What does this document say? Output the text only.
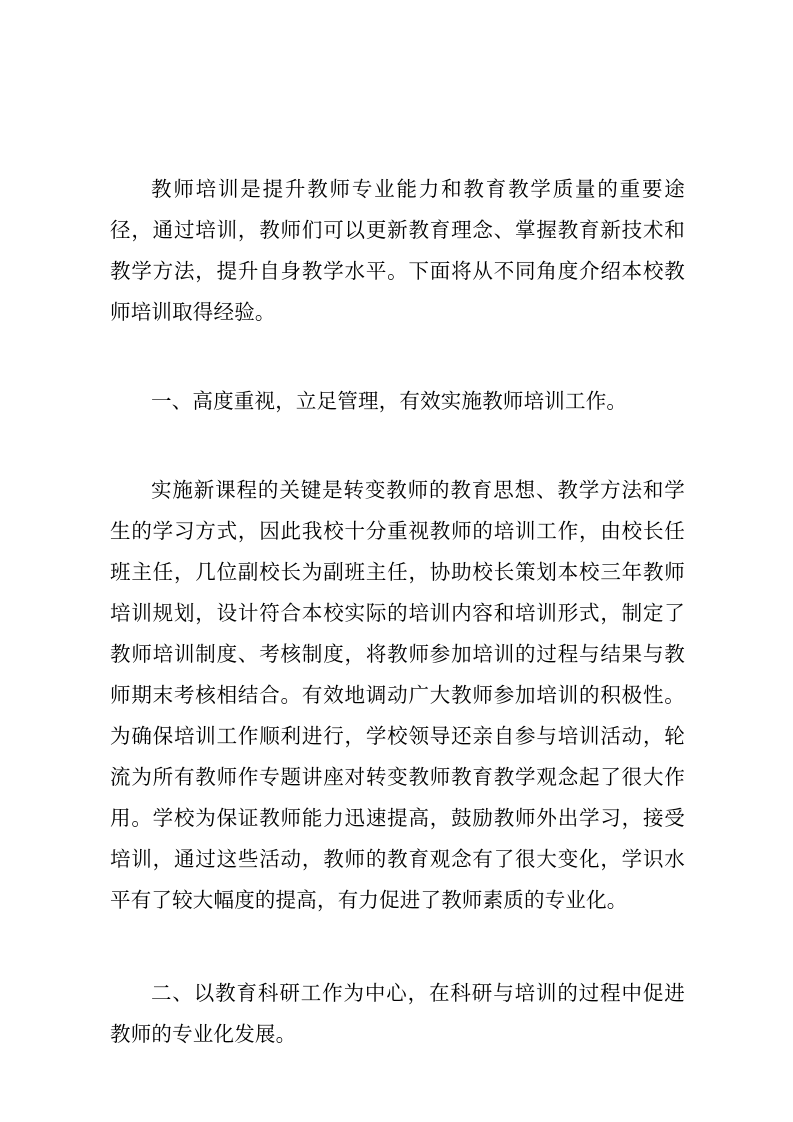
教师培训是提升教师专业能力和教育教学质量的重要途径，通过培训，教师们可以更新教育理念、掌握教育新技术和教学方法，提升自身教学水平。下面将从不同角度介绍本校教师培训取得经验。

一、高度重视，立足管理，有效实施教师培训工作。

实施新课程的关键是转变教师的教育思想、教学方法和学生的学习方式，因此我校十分重视教师的培训工作，由校长任班主任，几位副校长为副班主任，协助校长策划本校三年教师培训规划，设计符合本校实际的培训内容和培训形式，制定了教师培训制度、考核制度，将教师参加培训的过程与结果与教师期末考核相结合。有效地调动广大教师参加培训的积极性。为确保培训工作顺利进行，学校领导还亲自参与培训活动，轮流为所有教师作专题讲座对转变教师教育教学观念起了很大作用。学校为保证教师能力迅速提高，鼓励教师外出学习，接受培训，通过这些活动，教师的教育观念有了很大变化，学识水平有了较大幅度的提高，有力促进了教师素质的专业化。

二、以教育科研工作为中心，在科研与培训的过程中促进教师的专业化发展。
